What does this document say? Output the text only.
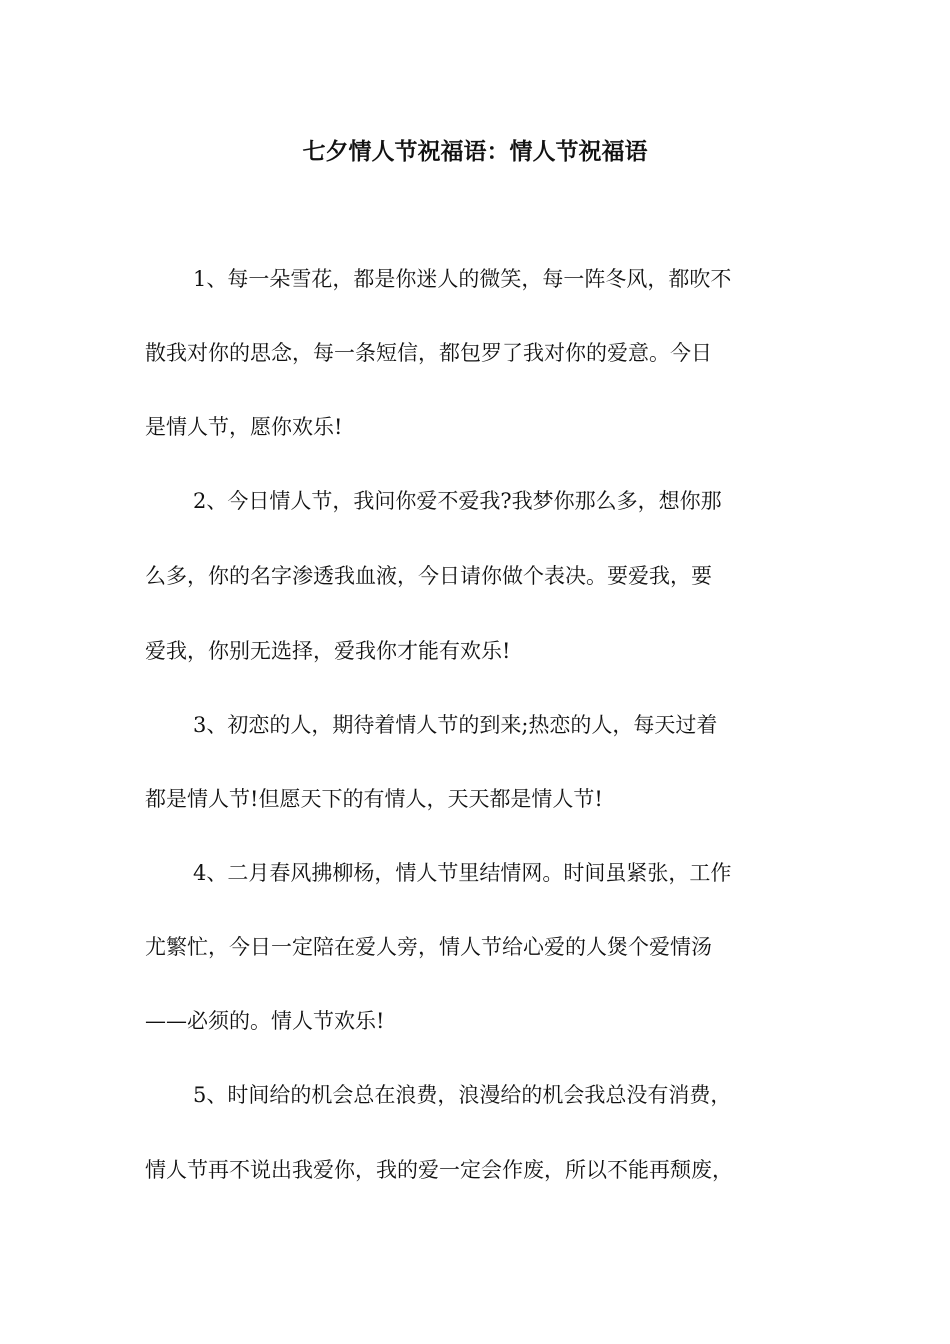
七夕情人节祝福语：情人节祝福语
1、每一朵雪花，都是你迷人的微笑，每一阵冬风，都吹不
散我对你的思念，每一条短信，都包罗了我对你的爱意。今日
是情人节，愿你欢乐!
2、今日情人节，我问你爱不爱我?我梦你那么多，想你那
么多，你的名字渗透我血液，今日请你做个表决。要爱我，要
爱我，你别无选择，爱我你才能有欢乐!
3、初恋的人，期待着情人节的到来;热恋的人，每天过着
都是情人节!但愿天下的有情人，天天都是情人节!
4、二月春风拂柳杨，情人节里结情网。时间虽紧张，工作
尤繁忙，今日一定陪在爱人旁，情人节给心爱的人煲个爱情汤
——必须的。情人节欢乐!
5、时间给的机会总在浪费，浪漫给的机会我总没有消费，
情人节再不说出我爱你，我的爱一定会作废，所以不能再颓废，
